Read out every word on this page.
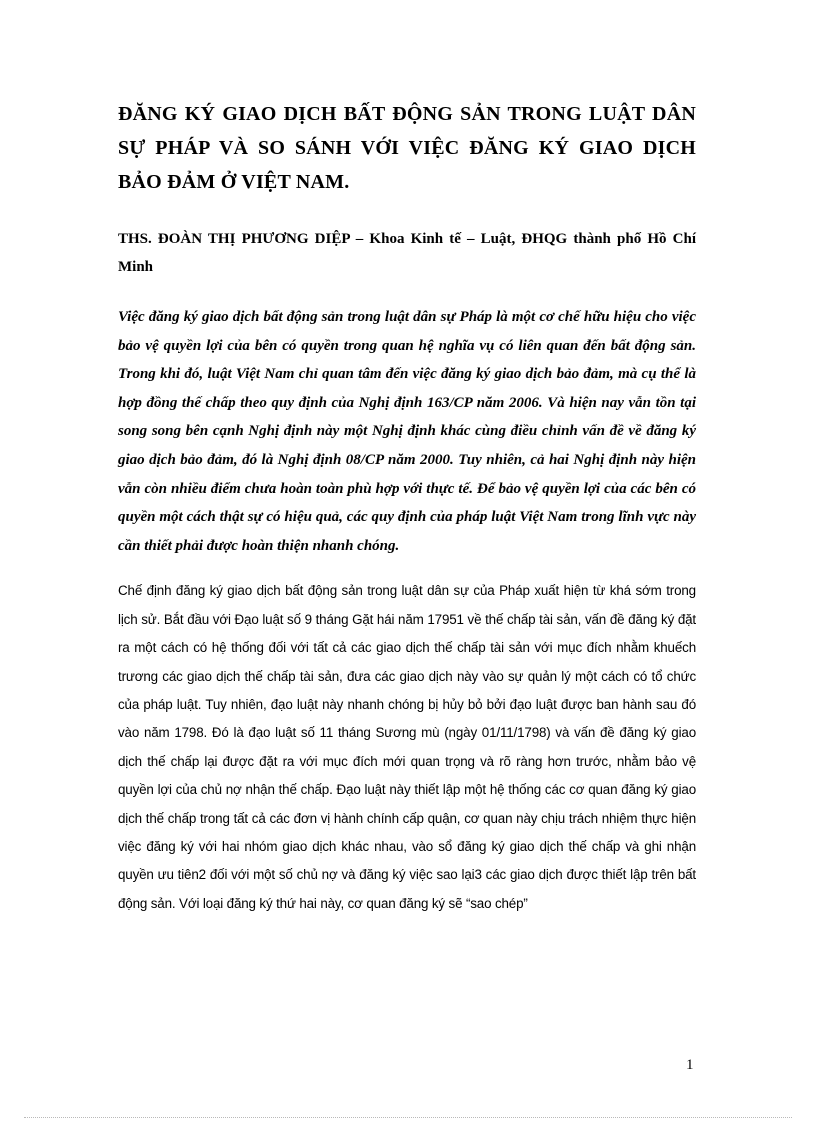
ĐĂNG KÝ GIAO DỊCH BẤT ĐỘNG SẢN TRONG LUẬT DÂN SỰ PHÁP VÀ SO SÁNH VỚI VIỆC ĐĂNG KÝ GIAO DỊCH BẢO ĐẢM Ở VIỆT NAM.

THS. ĐOÀN THỊ PHƯƠNG DIỆP – Khoa Kinh tế – Luật, ĐHQG thành phố Hồ Chí Minh

Việc đăng ký giao dịch bất động sản trong luật dân sự Pháp là một cơ chế hữu hiệu cho việc bảo vệ quyền lợi của bên có quyền trong quan hệ nghĩa vụ có liên quan đến bất động sản. Trong khi đó, luật Việt Nam chỉ quan tâm đến việc đăng ký giao dịch bảo đảm, mà cụ thể là hợp đồng thế chấp theo quy định của Nghị định 163/CP năm 2006. Và hiện nay vẫn tồn tại song song bên cạnh Nghị định này một Nghị định khác cùng điều chỉnh vấn đề về đăng ký giao dịch bảo đảm, đó là Nghị định 08/CP năm 2000. Tuy nhiên, cả hai Nghị định này hiện vẫn còn nhiều điểm chưa hoàn toàn phù hợp với thực tế. Để bảo vệ quyền lợi của các bên có quyền một cách thật sự có hiệu quả, các quy định của pháp luật Việt Nam trong lĩnh vực này cần thiết phải được hoàn thiện nhanh chóng.

Chế định đăng ký giao dịch bất động sản trong luật dân sự của Pháp xuất hiện từ khá sớm trong lịch sử. Bắt đầu với Đạo luật số 9 tháng Gặt hái năm 17951 về thế chấp tài sản, vấn đề đăng ký đặt ra một cách có hệ thống đối với tất cả các giao dịch thế chấp tài sản với mục đích nhằm khuếch trương các giao dịch thế chấp tài sản, đưa các giao dịch này vào sự quản lý một cách có tổ chức của pháp luật. Tuy nhiên, đạo luật này nhanh chóng bị hủy bỏ bởi đạo luật được ban hành sau đó vào năm 1798. Đó là đạo luật số 11 tháng Sương mù (ngày 01/11/1798) và vấn đề đăng ký giao dịch thế chấp lại được đặt ra với mục đích mới quan trọng và rõ ràng hơn trước, nhằm bảo vệ quyền lợi của chủ nợ nhận thế chấp. Đạo luật này thiết lập một hệ thống các cơ quan đăng ký giao dịch thế chấp trong tất cả các đơn vị hành chính cấp quận, cơ quan này chịu trách nhiệm thực hiện việc đăng ký với hai nhóm giao dịch khác nhau, vào sổ đăng ký giao dịch thế chấp và ghi nhận quyền ưu tiên2 đối với một số chủ nợ và đăng ký việc sao lại3 các giao dịch được thiết lập trên bất động sản. Với loại đăng ký thứ hai này, cơ quan đăng ký sẽ “sao chép”

1
